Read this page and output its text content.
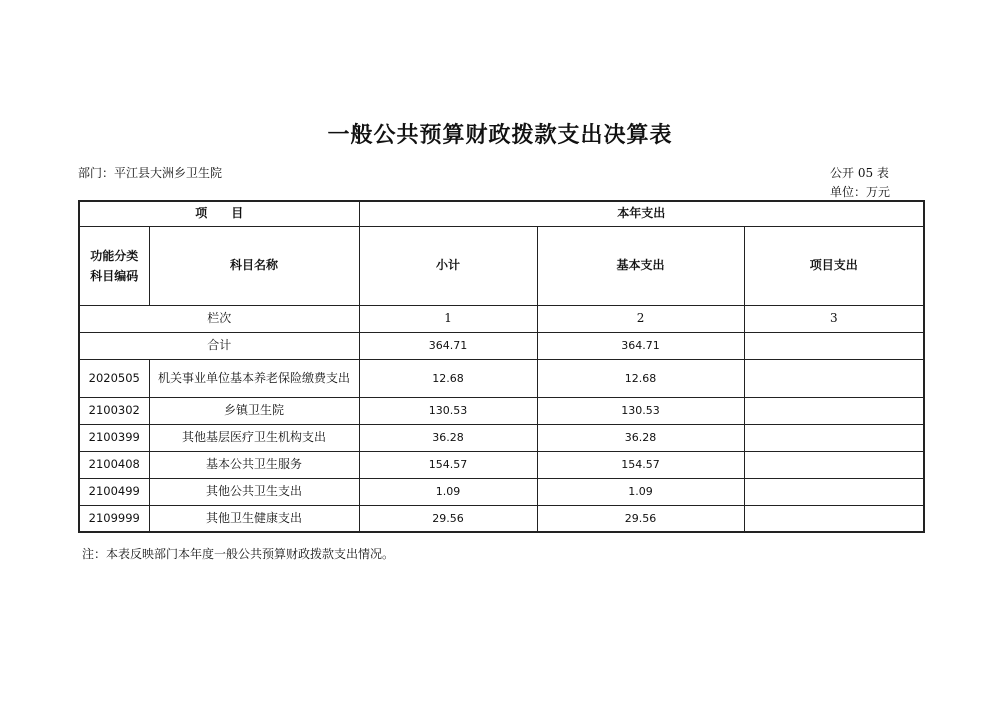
一般公共预算财政拨款支出决算表
部门：平江县大洲乡卫生院	公开 05 表
单位：万元
项　　目		本年支出		

功能分类
科目编码	科目名称	小计	基本支出	项目支出
栏次		1	2	3
合计		364.71	364.71	
2020505	机关事业单位基本养老保险缴费支出	12.68	12.68	
2100302	乡镇卫生院	130.53	130.53	
2100399	其他基层医疗卫生机构支出	36.28	36.28	
2100408	基本公共卫生服务	154.57	154.57	
2100499	其他公共卫生支出	1.09	1.09	
2109999	其他卫生健康支出	29.56	29.56	
注：本表反映部门本年度一般公共预算财政拨款支出情况。
